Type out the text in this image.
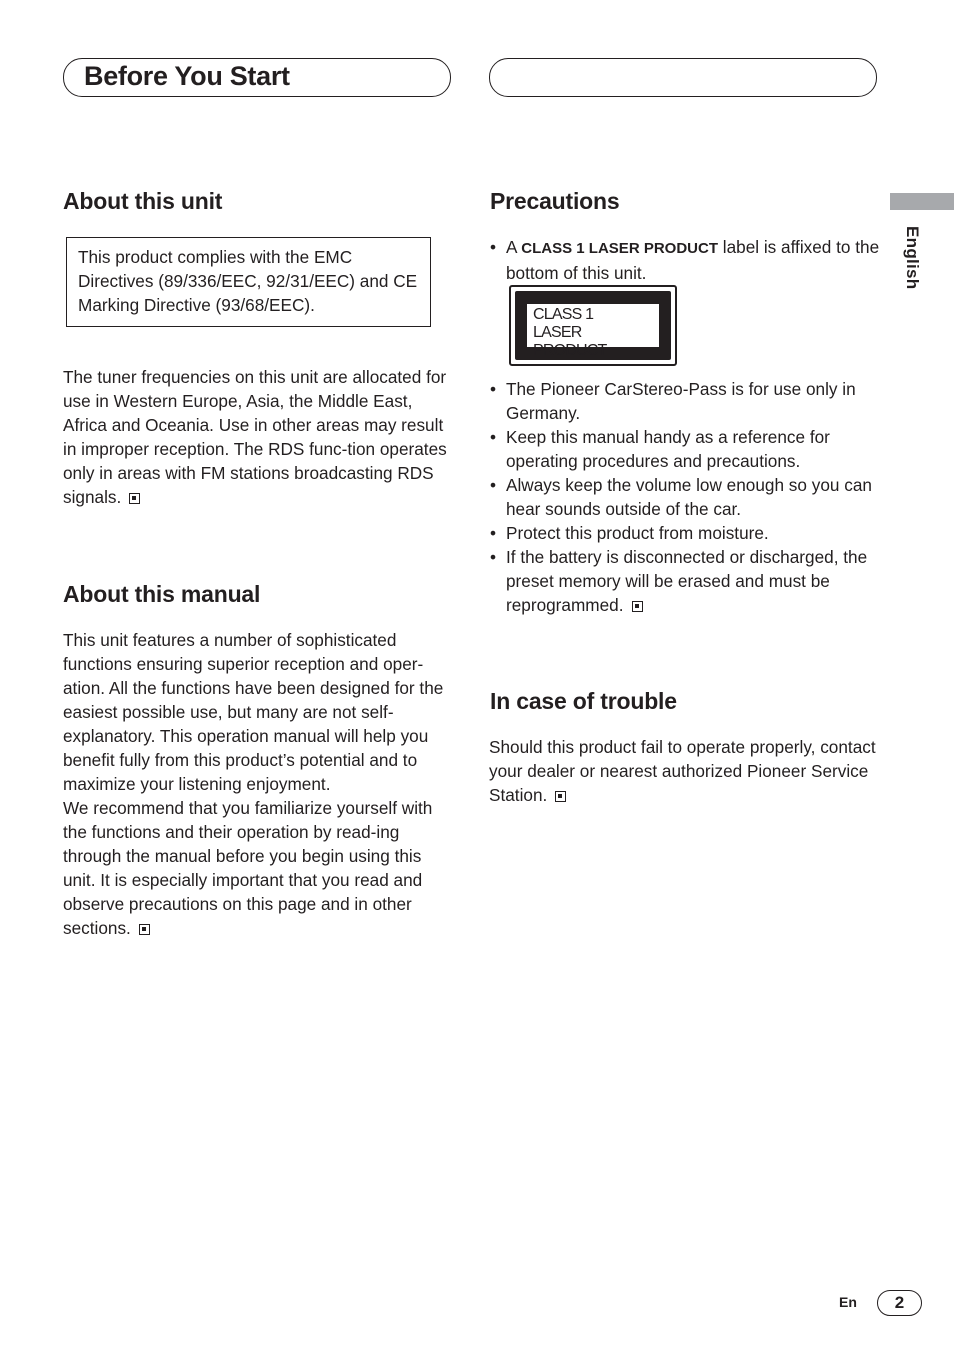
Before You Start
About this unit
This product complies with the EMC Directives (89/336/EEC, 92/31/EEC) and CE Marking Directive (93/68/EEC).

The tuner frequencies on this unit are allocated for use in Western Europe, Asia, the Middle East, Africa and Oceania. Use in other areas may result in improper reception. The RDS func-tion operates only in areas with FM stations broadcasting RDS signals.

About this manual

This unit features a number of sophisticated functions ensuring superior reception and oper-ation. All the functions have been designed for the easiest possible use, but many are not self-explanatory. This operation manual will help you benefit fully from this product’s potential and to maximize your listening enjoyment.

We recommend that you familiarize yourself with the functions and their operation by read-ing through the manual before you begin using this unit. It is especially important that you read and observe precautions on this page and in other sections.

Precautions
• A CLASS 1 LASER PRODUCT label is affixed to the bottom of this unit.
CLASS 1
LASER PRODUCT
• The Pioneer CarStereo-Pass is for use only in Germany.
• Keep this manual handy as a reference for operating procedures and precautions.
• Always keep the volume low enough so you can hear sounds outside of the car.
• Protect this product from moisture.
• If the battery is disconnected or discharged, the preset memory will be erased and must be reprogrammed.
In case of trouble

Should this product fail to operate properly, contact your dealer or nearest authorized Pioneer Service Station.

English
En	2
